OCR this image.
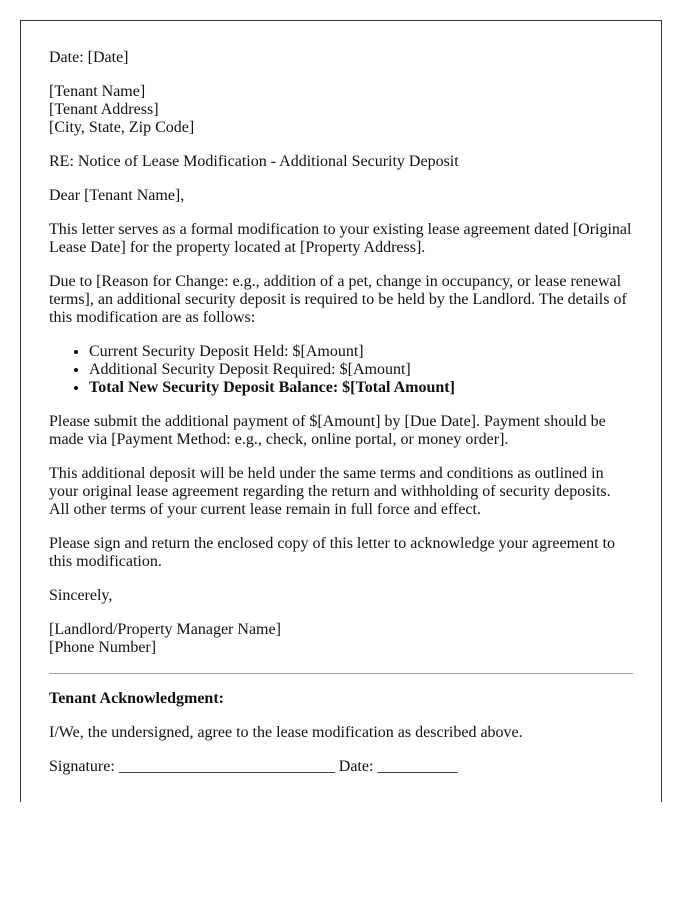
Date: [Date]

[Tenant Name]
[Tenant Address]
[City, State, Zip Code]

RE: Notice of Lease Modification - Additional Security Deposit

Dear [Tenant Name],

This letter serves as a formal modification to your existing lease agreement dated [Original Lease Date] for the property located at [Property Address].

Due to [Reason for Change: e.g., addition of a pet, change in occupancy, or lease renewal terms], an additional security deposit is required to be held by the Landlord. The details of this modification are as follows:

• Current Security Deposit Held: $[Amount]
• Additional Security Deposit Required: $[Amount]
• Total New Security Deposit Balance: $[Total Amount]

Please submit the additional payment of $[Amount] by [Due Date]. Payment should be made via [Payment Method: e.g., check, online portal, or money order].

This additional deposit will be held under the same terms and conditions as outlined in your original lease agreement regarding the return and withholding of security deposits. All other terms of your current lease remain in full force and effect.

Please sign and return the enclosed copy of this letter to acknowledge your agreement to this modification.

Sincerely,

[Landlord/Property Manager Name]
[Phone Number]

Tenant Acknowledgment:

I/We, the undersigned, agree to the lease modification as described above.

Signature: ___________________________ Date: __________
